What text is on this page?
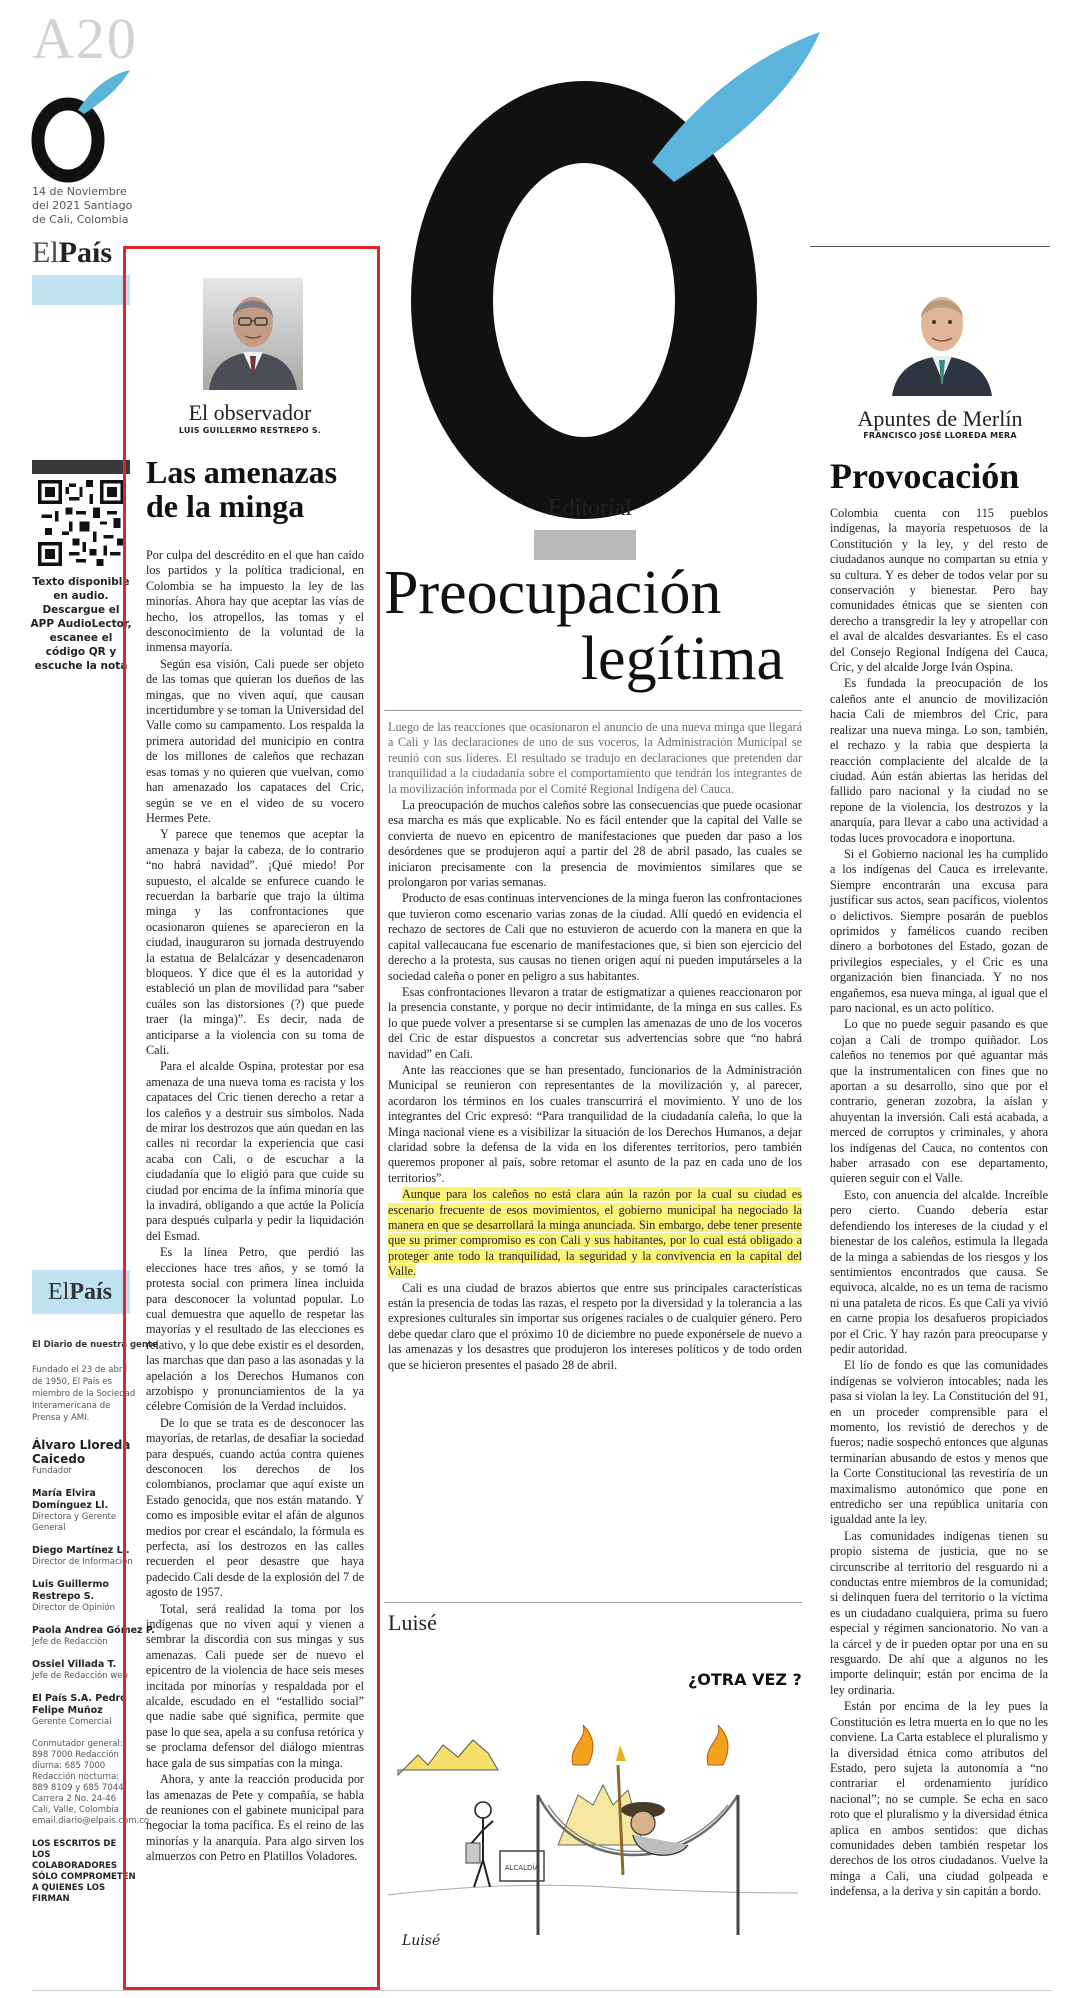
A20
14 de Noviembre del 2021 Santiago de Cali, Colombia
ElPaís
Texto disponible en audio. Descargue el APP AudioLector, escanee el código QR y escuche la nota
ElPaís
El Diario de nuestra gente
Fundado el 23 de abril de 1950, El País es miembro de la Sociedad Interamericana de Prensa y AMI.
Álvaro Lloreda Caicedo
Fundador
María Elvira Domínguez Ll.
Directora y Gerente General
Diego Martínez Ll.
Director de Información
Luis Guillermo Restrepo S.
Director de Opinión
Paola Andrea Gómez P.
Jefe de Redacción
Ossiel Villada T.
Jefe de Redacción web
El País S.A. Pedro Felipe Muñoz
Gerente Comercial
Conmutador general: 898 7000 Redacción diurna: 685 7000 Redacción nocturna: 889 8109 y 685 7044 Carrera 2 No. 24-46 Cali, Valle, Colombia email.diario@elpais.com.co
LOS ESCRITOS DE LOS COLABORADORES SÓLO COMPROMETEN A QUIENES LOS FIRMAN
El observador
LUIS GUILLERMO RESTREPO S.
Las amenazas de la minga

Por culpa del descrédito en el que han caído los partidos y la política tradicional, en Colombia se ha impuesto la ley de las minorías. Ahora hay que aceptar las vías de hecho, los atropellos, las tomas y el desconocimiento de la voluntad de la inmensa mayoría.

Según esa visión, Cali puede ser objeto de las tomas que quieran los dueños de las mingas, que no viven aquí, que causan incertidumbre y se toman la Universidad del Valle como su campamento. Los respalda la primera autoridad del municipio en contra de los millones de caleños que rechazan esas tomas y no quieren que vuelvan, como han amenazado los capataces del Cric, según se ve en el video de su vocero Hermes Pete.

Y parece que tenemos que aceptar la amenaza y bajar la cabeza, de lo contrario “no habrá navidad”. ¡Qué miedo! Por supuesto, el alcalde se enfurece cuando le recuerdan la barbarie que trajo la última minga y las confrontaciones que ocasionaron quienes se aparecieron en la ciudad, inauguraron su jornada destruyendo la estatua de Belalcázar y desencadenaron bloqueos. Y dice que él es la autoridad y estableció un plan de movilidad para “saber cuáles son las distorsiones (?) que puede traer (la minga)”. Es decir, nada de anticiparse a la violencia con su toma de Cali.

Para el alcalde Ospina, protestar por esa amenaza de una nueva toma es racista y los capataces del Cric tienen derecho a retar a los caleños y a destruir sus símbolos. Nada de mirar los destrozos que aún quedan en las calles ni recordar la experiencia que casi acaba con Cali, o de escuchar a la ciudadanía que lo eligió para que cuide su ciudad por encima de la ínfima minoría que la invadirá, obligando a que actúe la Policía para después culparla y pedir la liquidación del Esmad.

Es la línea Petro, que perdió las elecciones hace tres años, y se tomó la protesta social con primera línea incluida para desconocer la voluntad popular. Lo cual demuestra que aquello de respetar las mayorías y el resultado de las elecciones es relativo, y lo que debe existir es el desorden, las marchas que dan paso a las asonadas y la apelación a los Derechos Humanos con arzobispo y pronunciamientos de la ya célebre Comisión de la Verdad incluidos.

De lo que se trata es de desconocer las mayorías, de retarlas, de desafiar la sociedad para después, cuando actúa contra quienes desconocen los derechos de los colombianos, proclamar que aquí existe un Estado genocida, que nos están matando. Y como es imposible evitar el afán de algunos medios por crear el escándalo, la fórmula es perfecta, así los destrozos en las calles recuerden el peor desastre que haya padecido Cali desde de la explosión del 7 de agosto de 1957.

Total, será realidad la toma por los indígenas que no viven aquí y vienen a sembrar la discordia con sus mingas y sus amenazas. Cali puede ser de nuevo el epicentro de la violencia de hace seis meses incitada por minorías y respaldada por el alcalde, escudado en el “estallido social” que nadie sabe qué significa, permite que pase lo que sea, apela a su confusa retórica y se proclama defensor del diálogo mientras hace gala de sus simpatías con la minga.

Ahora, y ante la reacción producida por las amenazas de Pete y compañía, se habla de reuniones con el gabinete municipal para negociar la toma pacífica. Es el reino de las minorías y la anarquía. Para algo sirven los almuerzos con Petro en Platillos Voladores.

Editorial
Preocupación
legítima

Luego de las reacciones que ocasionaron el anuncio de una nueva minga que llegará a Cali y las declaraciones de uno de sus voceros, la Administración Municipal se reunió con sus líderes. El resultado se tradujo en declaraciones que pretenden dar tranquilidad a la ciudadanía sobre el comportamiento que tendrán los integrantes de la movilización informada por el Comité Regional Indígena del Cauca.

La preocupación de muchos caleños sobre las consecuencias que puede ocasionar esa marcha es más que explicable. No es fácil entender que la capital del Valle se convierta de nuevo en epicentro de manifestaciones que pueden dar paso a los desórdenes que se produjeron aquí a partir del 28 de abril pasado, las cuales se iniciaron precisamente con la presencia de movimientos similares que se prolongaron por varias semanas.

Producto de esas continuas intervenciones de la minga fueron las confrontaciones que tuvieron como escenario varias zonas de la ciudad. Allí quedó en evidencia el rechazo de sectores de Cali que no estuvieron de acuerdo con la manera en que la capital vallecaucana fue escenario de manifestaciones que, si bien son ejercicio del derecho a la protesta, sus causas no tienen origen aquí ni pueden imputárseles a la sociedad caleña o poner en peligro a sus habitantes.

Esas confrontaciones llevaron a tratar de estigmatizar a quienes reaccionaron por la presencia constante, y porque no decir intimidante, de la minga en sus calles. Es lo que puede volver a presentarse si se cumplen las amenazas de uno de los voceros del Cric de estar dispuestos a concretar sus advertencias sobre que “no habrá navidad” en Cali.

Ante las reacciones que se han presentado, funcionarios de la Administración Municipal se reunieron con representantes de la movilización y, al parecer, acordaron los términos en los cuales transcurrirá el movimiento. Y uno de los integrantes del Cric expresó: “Para tranquilidad de la ciudadanía caleña, lo que la Minga nacional viene es a visibilizar la situación de los Derechos Humanos, a dejar claridad sobre la defensa de la vida en los diferentes territorios, pero también queremos proponer al país, sobre retomar el asunto de la paz en cada uno de los territorios”.

Aunque para los caleños no está clara aún la razón por la cual su ciudad es escenario frecuente de esos movimientos, el gobierno municipal ha negociado la manera en que se desarrollará la minga anunciada. Sin embargo, debe tener presente que su primer compromiso es con Cali y sus habitantes, por lo cual está obligado a proteger ante todo la tranquilidad, la seguridad y la convivencia en la capital del Valle.

Cali es una ciudad de brazos abiertos que entre sus principales características están la presencia de todas las razas, el respeto por la diversidad y la tolerancia a las expresiones culturales sin importar sus orígenes raciales o de cualquier género. Pero debe quedar claro que el próximo 10 de diciembre no puede exponérsele de nuevo a las amenazas y los desastres que produjeron los intereses políticos y de todo orden que se hicieron presentes el pasado 28 de abril.

Luisé
ALCALDÍA
¿OTRA VEZ ?
Luisé
Apuntes de Merlín
FRANCISCO JOSÉ LLOREDA MERA
Provocación

Colombia cuenta con 115 pueblos indígenas, la mayoría respetuosos de la Constitución y la ley, y del resto de ciudadanos aunque no compartan su etnia y su cultura. Y es deber de todos velar por su conservación y bienestar. Pero hay comunidades étnicas que se sienten con derecho a transgredir la ley y atropellar con el aval de alcaldes desvariantes. Es el caso del Consejo Regional Indígena del Cauca, Cric, y del alcalde Jorge Iván Ospina.

Es fundada la preocupación de los caleños ante el anuncio de movilización hacia Cali de miembros del Cric, para realizar una nueva minga. Lo son, también, el rechazo y la rabia que despierta la reacción complaciente del alcalde de la ciudad. Aún están abiertas las heridas del fallido paro nacional y la ciudad no se repone de la violencia, los destrozos y la anarquía, para llevar a cabo una actividad a todas luces provocadora e inoportuna.

Si el Gobierno nacional les ha cumplido a los indígenas del Cauca es irrelevante. Siempre encontrarán una excusa para justificar sus actos, sean pacíficos, violentos o delictivos. Siempre posarán de pueblos oprimidos y famélicos cuando reciben dinero a borbotones del Estado, gozan de privilegios especiales, y el Cric es una organización bien financiada. Y no nos engañemos, esa nueva minga, al igual que el paro nacional, es un acto político.

Lo que no puede seguir pasando es que cojan a Cali de trompo quiñador. Los caleños no tenemos por qué aguantar más que la instrumentalicen con fines que no aportan a su desarrollo, sino que por el contrario, generan zozobra, la aíslan y ahuyentan la inversión. Cali está acabada, a merced de corruptos y criminales, y ahora los indígenas del Cauca, no contentos con haber arrasado con ese departamento, quieren seguir con el Valle.

Esto, con anuencia del alcalde. Increíble pero cierto. Cuando debería estar defendiendo los intereses de la ciudad y el bienestar de los caleños, estimula la llegada de la minga a sabiendas de los riesgos y los sentimientos encontrados que causa. Se equivoca, alcalde, no es un tema de racismo ni una pataleta de ricos. Es que Cali ya vivió en carne propia los desafueros propiciados por el Cric. Y hay razón para preocuparse y pedir autoridad.

El lío de fondo es que las comunidades indígenas se volvieron intocables; nada les pasa si violan la ley. La Constitución del 91, en un proceder comprensible para el momento, los revistió de derechos y de fueros; nadie sospechó entonces que algunas terminarían abusando de estos y menos que la Corte Constitucional las revestiría de un maximalismo autonómico que pone en entredicho ser una república unitaria con igualdad ante la ley.

Las comunidades indígenas tienen su propio sistema de justicia, que no se circunscribe al territorio del resguardo ni a conductas entre miembros de la comunidad; si delinquen fuera del territorio o la víctima es un ciudadano cualquiera, prima su fuero especial y régimen sancionatorio. No van a la cárcel y de ir pueden optar por una en su resguardo. De ahí que a algunos no les importe delinquir; están por encima de la ley ordinaria.

Están por encima de la ley pues la Constitución es letra muerta en lo que no les conviene. La Carta establece el pluralismo y la diversidad étnica como atributos del Estado, pero sujeta la autonomía a “no contrariar el ordenamiento jurídico nacional”; no se cumple. Se echa en saco roto que el pluralismo y la diversidad étnica aplica en ambos sentidos: que dichas comunidades deben también respetar los derechos de los otros ciudadanos. Vuelve la minga a Cali, una ciudad golpeada e indefensa, a la deriva y sin capitán a bordo.
